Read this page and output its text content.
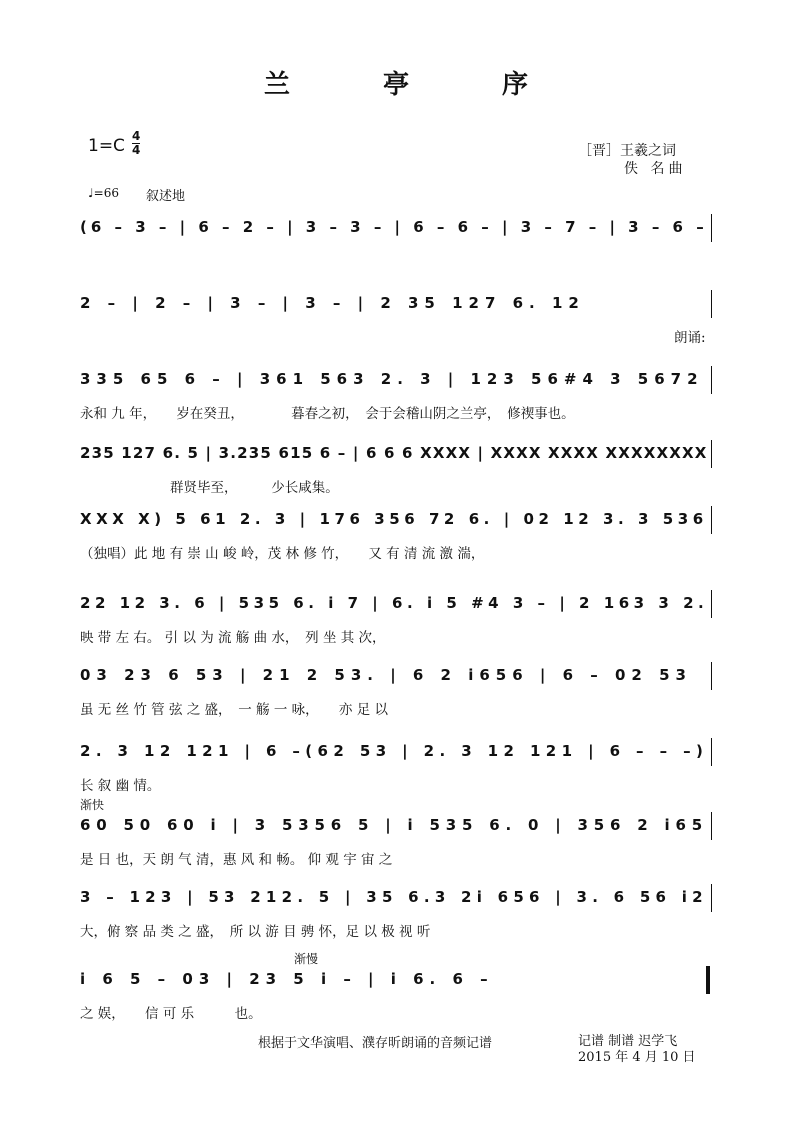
兰 亭 序
1=C 4
4	［晋］王羲之词
佚 名曲
♩=66 叙述地
(6 – 3 – | 6 – 2 – | 3 – 3 – | 6 – 6 – | 3 – 7 – | 3 – 6 –
2 – | 2 – | 3 – | 3 – | 2 35 127 6. 12
朗诵:
335 65 6 – | 361 563 2. 3 | 123 56#4 3 5672
永和 九 年，　　岁在癸丑，　　　　暮春之初，　会于会稽山阴之兰亭，　修禊事也。
235 127 6. 5 | 3.235 615 6 – | 6 6 6 XXXX | XXXX XXXX XXXXXXXX
群贤毕至，　　　少长咸集。
XXX X) 5 61 2. 3 | 176 356 72 6. | 02 12 3. 3 536
（独唱）此 地 有 崇 山 峻 岭，茂 林 修 竹，　　又 有 清 流 激 湍，
22 12 3. 6 | 535 6. i 7 | 6. i 5 #4 3 – | 2 163 3 2.
映 带 左 右。 引 以 为 流 觞 曲 水，　列 坐 其 次，
03 23 6 53 | 21 2 53. | 6 2 i656 | 6 – 02 53
虽 无 丝 竹 管 弦 之 盛，　一 觞 一 咏，　　亦 足 以
2. 3 12 121 | 6 –(62 53 | 2. 3 12 121 | 6 – – –)
长 叙 幽 情。
渐快
60 50 60 i | 3 5356 5 | i 535 6. 0 | 356 2 i65
是 日 也，天 朗 气 清，惠 风 和 畅。 仰 观 宇 宙 之
3 – 123 | 53 212. 5 | 35 6.3 2i 656 | 3. 6 56 i2
大，俯 察 品 类 之 盛，　所 以 游 目 骋 怀，足 以 极 视 听
渐慢
i 6 5 – 03 | 23 5 i – | i 6. 6 –
之 娱，　　信 可 乐　　　也。
根据于文华演唱、濮存昕朗诵的音频记谱	记谱 制谱 迟学飞
2015 年 4 月 10 日
